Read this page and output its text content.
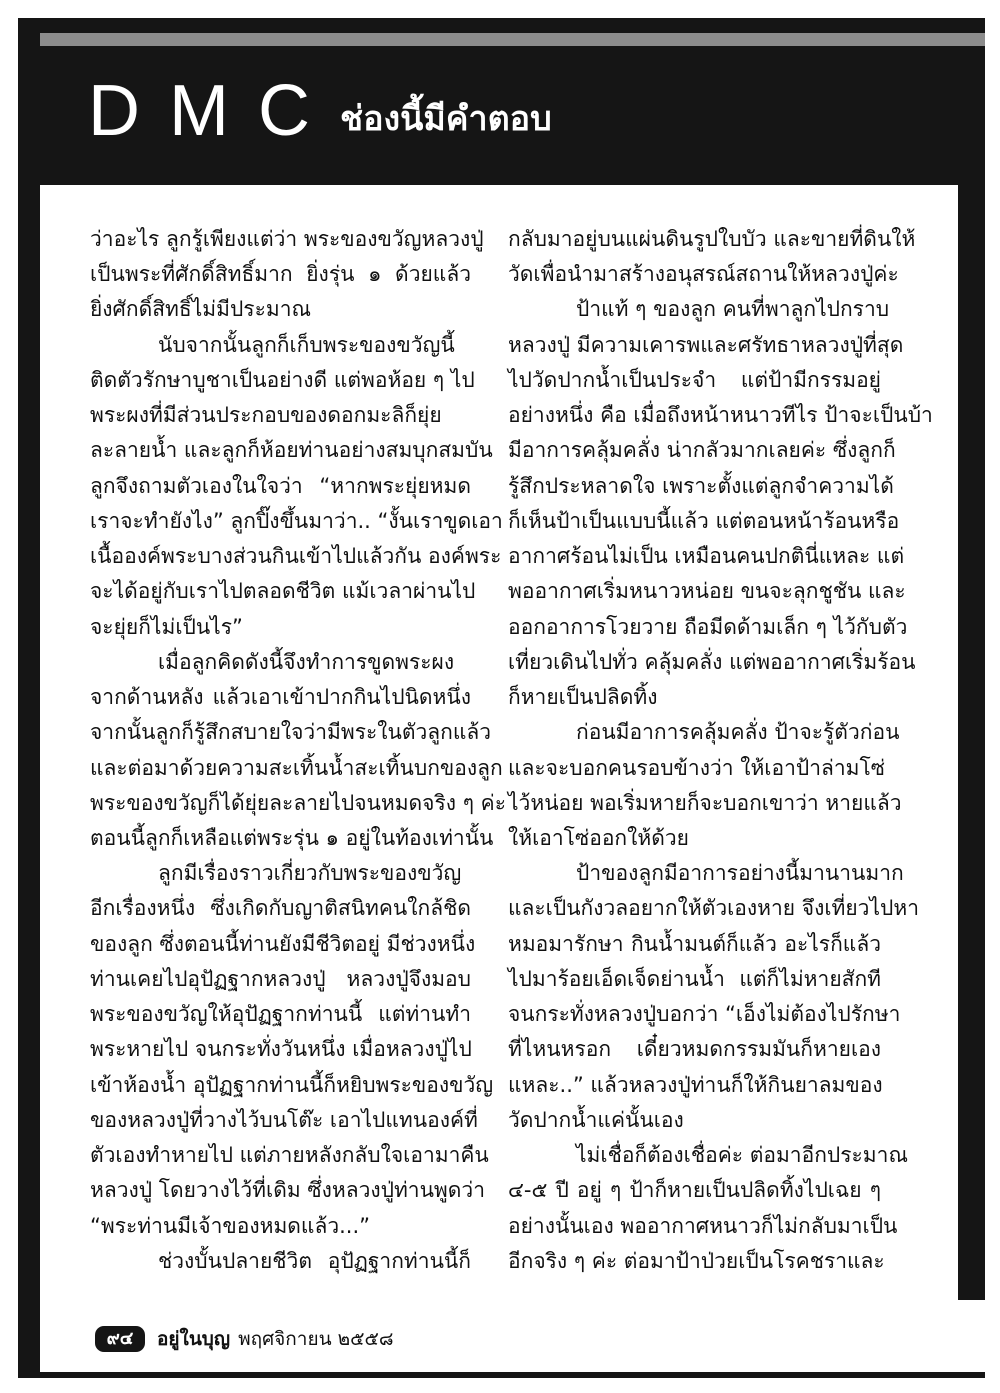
D M C ช่องนี้มีคำตอบ
ว่าอะไร ลูกรู้เพียงแต่ว่า พระของขวัญหลวงปู่
เป็นพระที่ศักดิ์สิทธิ์มาก ยิ่งรุ่น ๑ ด้วยแล้ว
ยิ่งศักดิ์สิทธิ์ไม่มีประมาณ
นับจากนั้นลูกก็เก็บพระของขวัญนี้
ติดตัวรักษาบูชาเป็นอย่างดี แต่พอห้อย ๆ ไป
พระผงที่มีส่วนประกอบของดอกมะลิก็ยุ่ย
ละลายน้ำ และลูกก็ห้อยท่านอย่างสมบุกสมบัน
ลูกจึงถามตัวเองในใจว่า “หากพระยุ่ยหมด
เราจะทำยังไง” ลูกปิ๊งขึ้นมาว่า.. “งั้นเราขูดเอา
เนื้อองค์พระบางส่วนกินเข้าไปแล้วกัน องค์พระ
จะได้อยู่กับเราไปตลอดชีวิต แม้เวลาผ่านไป
จะยุ่ยก็ไม่เป็นไร”
เมื่อลูกคิดดังนี้จึงทำการขูดพระผง
จากด้านหลัง แล้วเอาเข้าปากกินไปนิดหนึ่ง
จากนั้นลูกก็รู้สึกสบายใจว่ามีพระในตัวลูกแล้ว
และต่อมาด้วยความสะเทิ้นน้ำสะเทิ้นบกของลูก
พระของขวัญก็ได้ยุ่ยละลายไปจนหมดจริง ๆ ค่ะ
ตอนนี้ลูกก็เหลือแต่พระรุ่น ๑ อยู่ในท้องเท่านั้น
ลูกมีเรื่องราวเกี่ยวกับพระของขวัญ
อีกเรื่องหนึ่ง ซึ่งเกิดกับญาติสนิทคนใกล้ชิด
ของลูก ซึ่งตอนนี้ท่านยังมีชีวิตอยู่ มีช่วงหนึ่ง
ท่านเคยไปอุปัฏฐากหลวงปู่ หลวงปู่จึงมอบ
พระของขวัญให้อุปัฏฐากท่านนี้ แต่ท่านทำ
พระหายไป จนกระทั่งวันหนึ่ง เมื่อหลวงปู่ไป
เข้าห้องน้ำ อุปัฏฐากท่านนี้ก็หยิบพระของขวัญ
ของหลวงปู่ที่วางไว้บนโต๊ะ เอาไปแทนองค์ที่
ตัวเองทำหายไป แต่ภายหลังกลับใจเอามาคืน
หลวงปู่ โดยวางไว้ที่เดิม ซึ่งหลวงปู่ท่านพูดว่า
“พระท่านมีเจ้าของหมดแล้ว...”
ช่วงบั้นปลายชีวิต อุปัฏฐากท่านนี้ก็
กลับมาอยู่บนแผ่นดินรูปใบบัว และขายที่ดินให้
วัดเพื่อนำมาสร้างอนุสรณ์สถานให้หลวงปู่ค่ะ
ป้าแท้ ๆ ของลูก คนที่พาลูกไปกราบ
หลวงปู่ มีความเคารพและศรัทธาหลวงปู่ที่สุด
ไปวัดปากน้ำเป็นประจำ แต่ป้ามีกรรมอยู่
อย่างหนึ่ง คือ เมื่อถึงหน้าหนาวทีไร ป้าจะเป็นบ้า
มีอาการคลุ้มคลั่ง น่ากลัวมากเลยค่ะ ซึ่งลูกก็
รู้สึกประหลาดใจ เพราะตั้งแต่ลูกจำความได้
ก็เห็นป้าเป็นแบบนี้แล้ว แต่ตอนหน้าร้อนหรือ
อากาศร้อนไม่เป็น เหมือนคนปกตินี่แหละ แต่
พออากาศเริ่มหนาวหน่อย ขนจะลุกชูชัน และ
ออกอาการโวยวาย ถือมีดด้ามเล็ก ๆ ไว้กับตัว
เที่ยวเดินไปทั่ว คลุ้มคลั่ง แต่พออากาศเริ่มร้อน
ก็หายเป็นปลิดทิ้ง
ก่อนมีอาการคลุ้มคลั่ง ป้าจะรู้ตัวก่อน
และจะบอกคนรอบข้างว่า ให้เอาป้าล่ามโซ่
ไว้หน่อย พอเริ่มหายก็จะบอกเขาว่า หายแล้ว
ให้เอาโซ่ออกให้ด้วย
ป้าของลูกมีอาการอย่างนี้มานานมาก
และเป็นกังวลอยากให้ตัวเองหาย จึงเที่ยวไปหา
หมอมารักษา กินน้ำมนต์ก็แล้ว อะไรก็แล้ว
ไปมาร้อยเอ็ดเจ็ดย่านน้ำ แต่ก็ไม่หายสักที
จนกระทั่งหลวงปู่บอกว่า “เอ็งไม่ต้องไปรักษา
ที่ไหนหรอก เดี๋ยวหมดกรรมมันก็หายเอง
แหละ..” แล้วหลวงปู่ท่านก็ให้กินยาลมของ
วัดปากน้ำแค่นั้นเอง
ไม่เชื่อก็ต้องเชื่อค่ะ ต่อมาอีกประมาณ
๔-๕ ปี อยู่ ๆ ป้าก็หายเป็นปลิดทิ้งไปเฉย ๆ
อย่างนั้นเอง พออากาศหนาวก็ไม่กลับมาเป็น
อีกจริง ๆ ค่ะ ต่อมาป้าป่วยเป็นโรคชราและ
๙๔	อยู่ในบุญ พฤศจิกายน ๒๕๕๘
